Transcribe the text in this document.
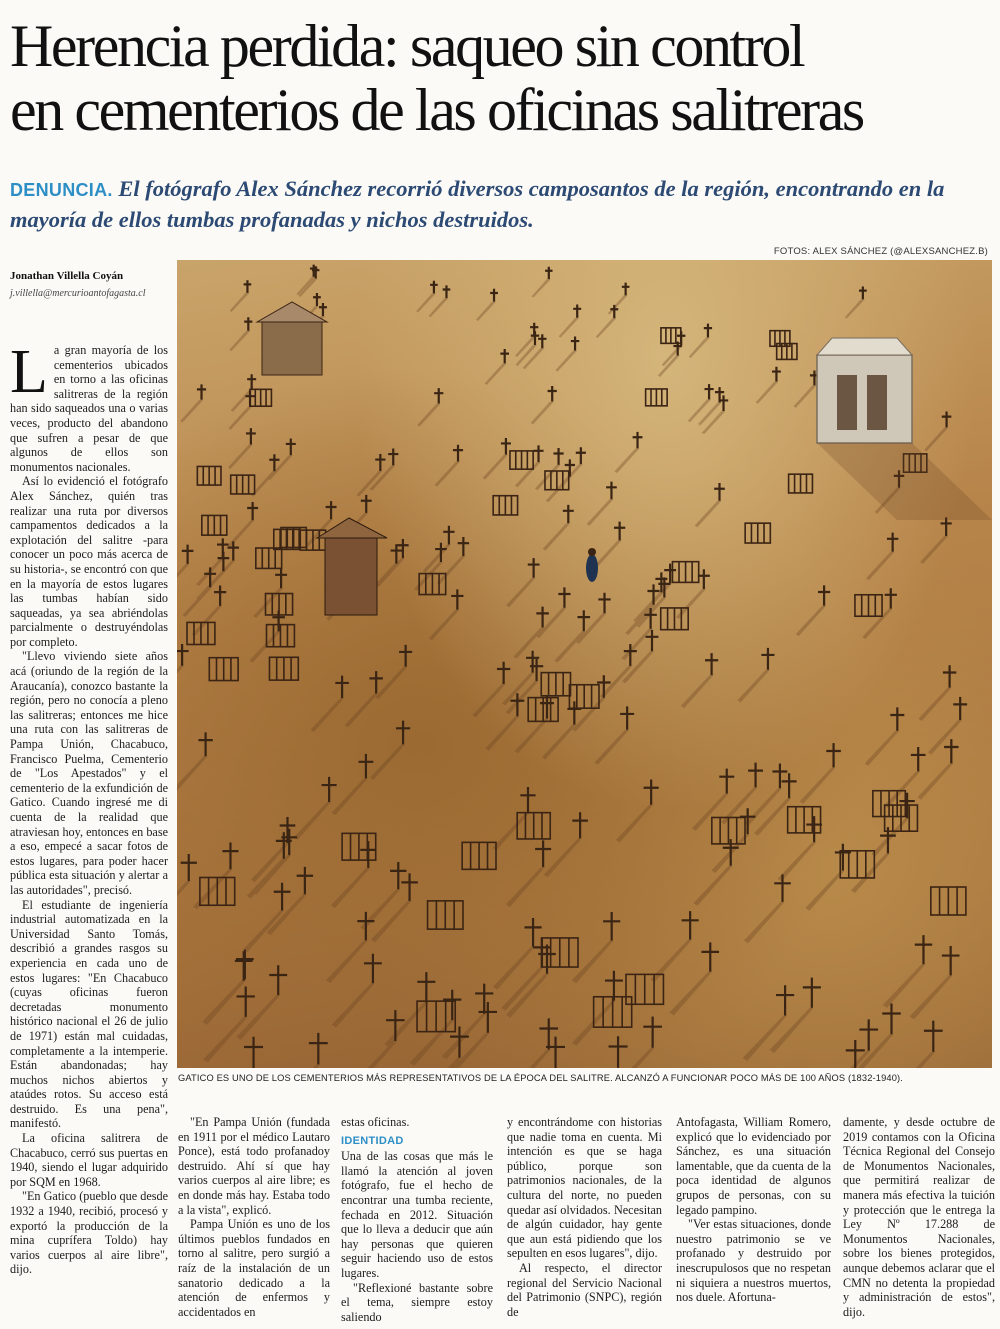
Herencia perdida: saqueo sin control
en cementerios de las oficinas salitreras
DENUNCIA. El fotógrafo Alex Sánchez recorrió diversos camposantos de la región, encontrando en la mayoría de ellos tumbas profanadas y nichos destruidos.
FOTOS: ALEX SÁNCHEZ (@ALEXSANCHEZ.B)
Jonathan Villella Coyán
j.villella@mercurioantofagasta.cl
GATICO ES UNO DE LOS CEMENTERIOS MÁS REPRESENTATIVOS DE LA ÉPOCA DEL SALITRE. ALCANZÓ A FUNCIONAR POCO MÁS DE 100 AÑOS (1832-1940).
L a gran mayoría de los cementerios ubicados en torno a las oficinas salitreras de la región han sido saqueados una o varias veces, producto del abandono que sufren a pesar de que algunos de ellos son monumentos nacionales.

Así lo evidenció el fotógrafo Alex Sánchez, quién tras realizar una ruta por diversos campamentos dedicados a la explotación del salitre -para conocer un poco más acerca de su historia-, se encontró con que en la mayoría de estos lugares las tumbas habían sido saqueadas, ya sea abriéndolas parcialmente o destruyéndolas por completo.

"Llevo viviendo siete años acá (oriundo de la región de la Araucanía), conozco bastante la región, pero no conocía a pleno las salitreras; entonces me hice una ruta con las salitreras de Pampa Unión, Chacabuco, Francisco Puelma, Cementerio de "Los Apestados" y el cementerio de la exfundición de Gatico. Cuando ingresé me di cuenta de la realidad que atraviesan hoy, entonces en base a eso, empecé a sacar fotos de estos lugares, para poder hacer pública esta situación y alertar a las autoridades", precisó.

El estudiante de ingeniería industrial automatizada en la Universidad Santo Tomás, describió a grandes rasgos su experiencia en cada uno de estos lugares: "En Chacabuco (cuyas oficinas fueron decretadas monumento histórico nacional el 26 de julio de 1971) están mal cuidadas, completamente a la intemperie. Están abandonadas; hay muchos nichos abiertos y ataúdes rotos. Su acceso está destruido. Es una pena", manifestó.

La oficina salitrera de Chacabuco, cerró sus puertas en 1940, siendo el lugar adquirido por SQM en 1968.

"En Gatico (pueblo que desde 1932 a 1940, recibió, procesó y exportó la producción de la mina cuprífera Toldo) hay varios cuerpos al aire libre", dijo.

"En Pampa Unión (fundada en 1911 por el médico Lautaro Ponce), está todo profanadoy destruido. Ahí sí que hay varios cuerpos al aire libre; es en donde más hay. Estaba todo a la vista", explicó.

Pampa Unión es uno de los últimos pueblos fundados en torno al salitre, pero surgió a raíz de la instalación de un sanatorio dedicado a la atención de enfermos y accidentados en

estas oficinas.

IDENTIDAD

Una de las cosas que más le llamó la atención al joven fotógrafo, fue el hecho de encontrar una tumba reciente, fechada en 2012. Situación que lo lleva a deducir que aún hay personas que quieren seguir haciendo uso de estos lugares.

"Reflexioné bastante sobre el tema, siempre estoy saliendo

y encontrándome con historias que nadie toma en cuenta. Mi intención es que se haga público, porque son patrimonios nacionales, de la cultura del norte, no pueden quedar así olvidados. Necesitan de algún cuidador, hay gente que aun está pidiendo que los sepulten en esos lugares", dijo.

Al respecto, el director regional del Servicio Nacional del Patrimonio (SNPC), región de

Antofagasta, William Romero, explicó que lo evidenciado por Sánchez, es una situación lamentable, que da cuenta de la poca identidad de algunos grupos de personas, con su legado pampino.

"Ver estas situaciones, donde nuestro patrimonio se ve profanado y destruido por inescrupulosos que no respetan ni siquiera a nuestros muertos, nos duele. Afortuna-

damente, y desde octubre de 2019 contamos con la Oficina Técnica Regional del Consejo de Monumentos Nacionales, que permitirá realizar de manera más efectiva la tuición y protección que le entrega la Ley Nº 17.288 de Monumentos Nacionales, sobre los bienes protegidos, aunque debemos aclarar que el CMN no detenta la propiedad y administración de estos", dijo.
